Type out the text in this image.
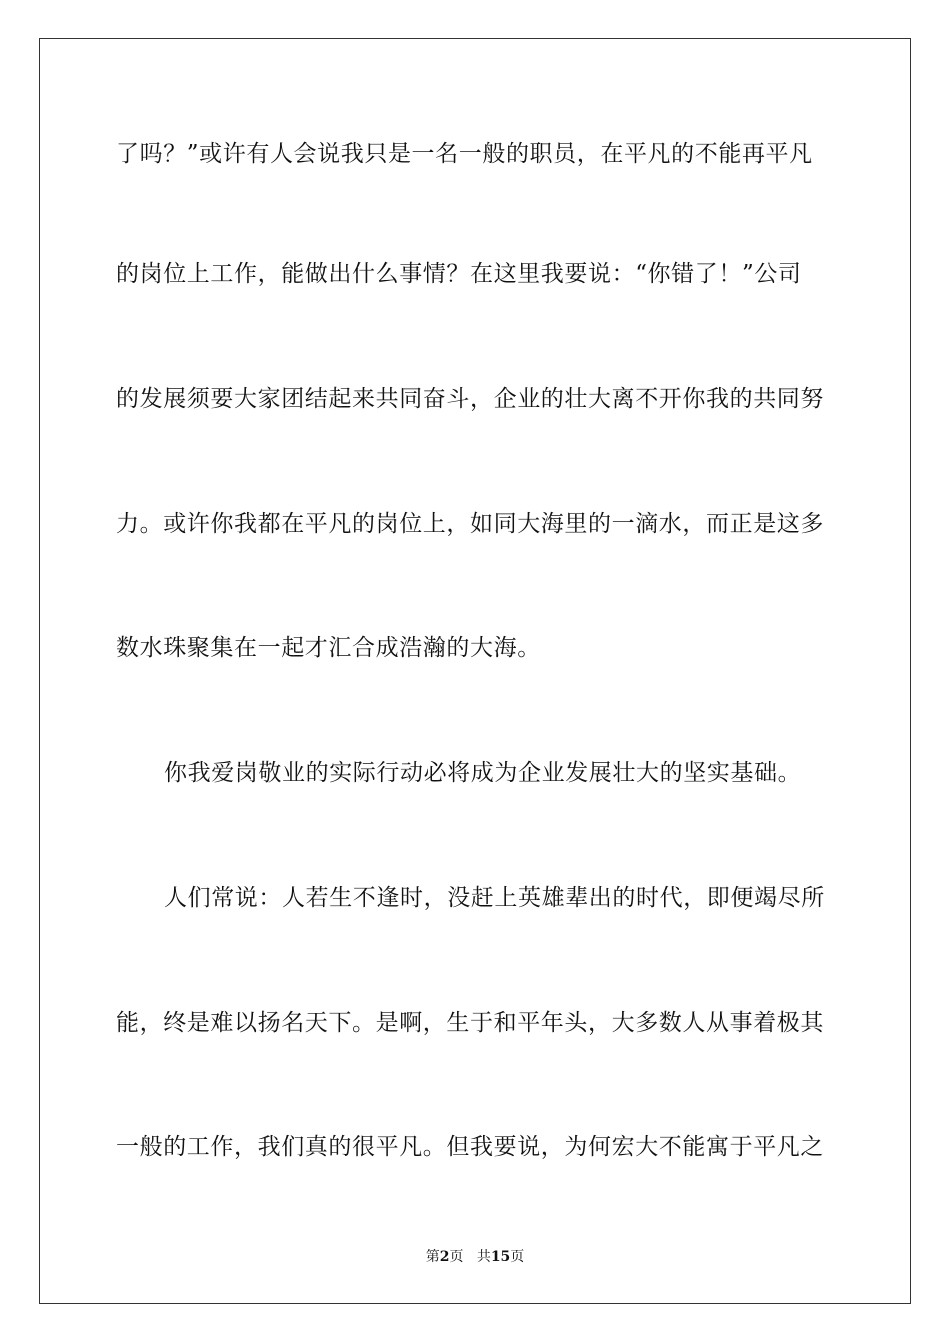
了吗？”或许有人会说我只是一名一般的职员，在平凡的不能再平凡
的岗位上工作，能做出什么事情？在这里我要说：“你错了！”公司
的发展须要大家团结起来共同奋斗，企业的壮大离不开你我的共同努
力。或许你我都在平凡的岗位上，如同大海里的一滴水，而正是这多
数水珠聚集在一起才汇合成浩瀚的大海。
你我爱岗敬业的实际行动必将成为企业发展壮大的坚实基础。
人们常说：人若生不逢时，没赶上英雄辈出的时代，即便竭尽所
能，终是难以扬名天下。是啊，生于和平年头，大多数人从事着极其
一般的工作，我们真的很平凡。但我要说，为何宏大不能寓于平凡之
第2页 共15页
